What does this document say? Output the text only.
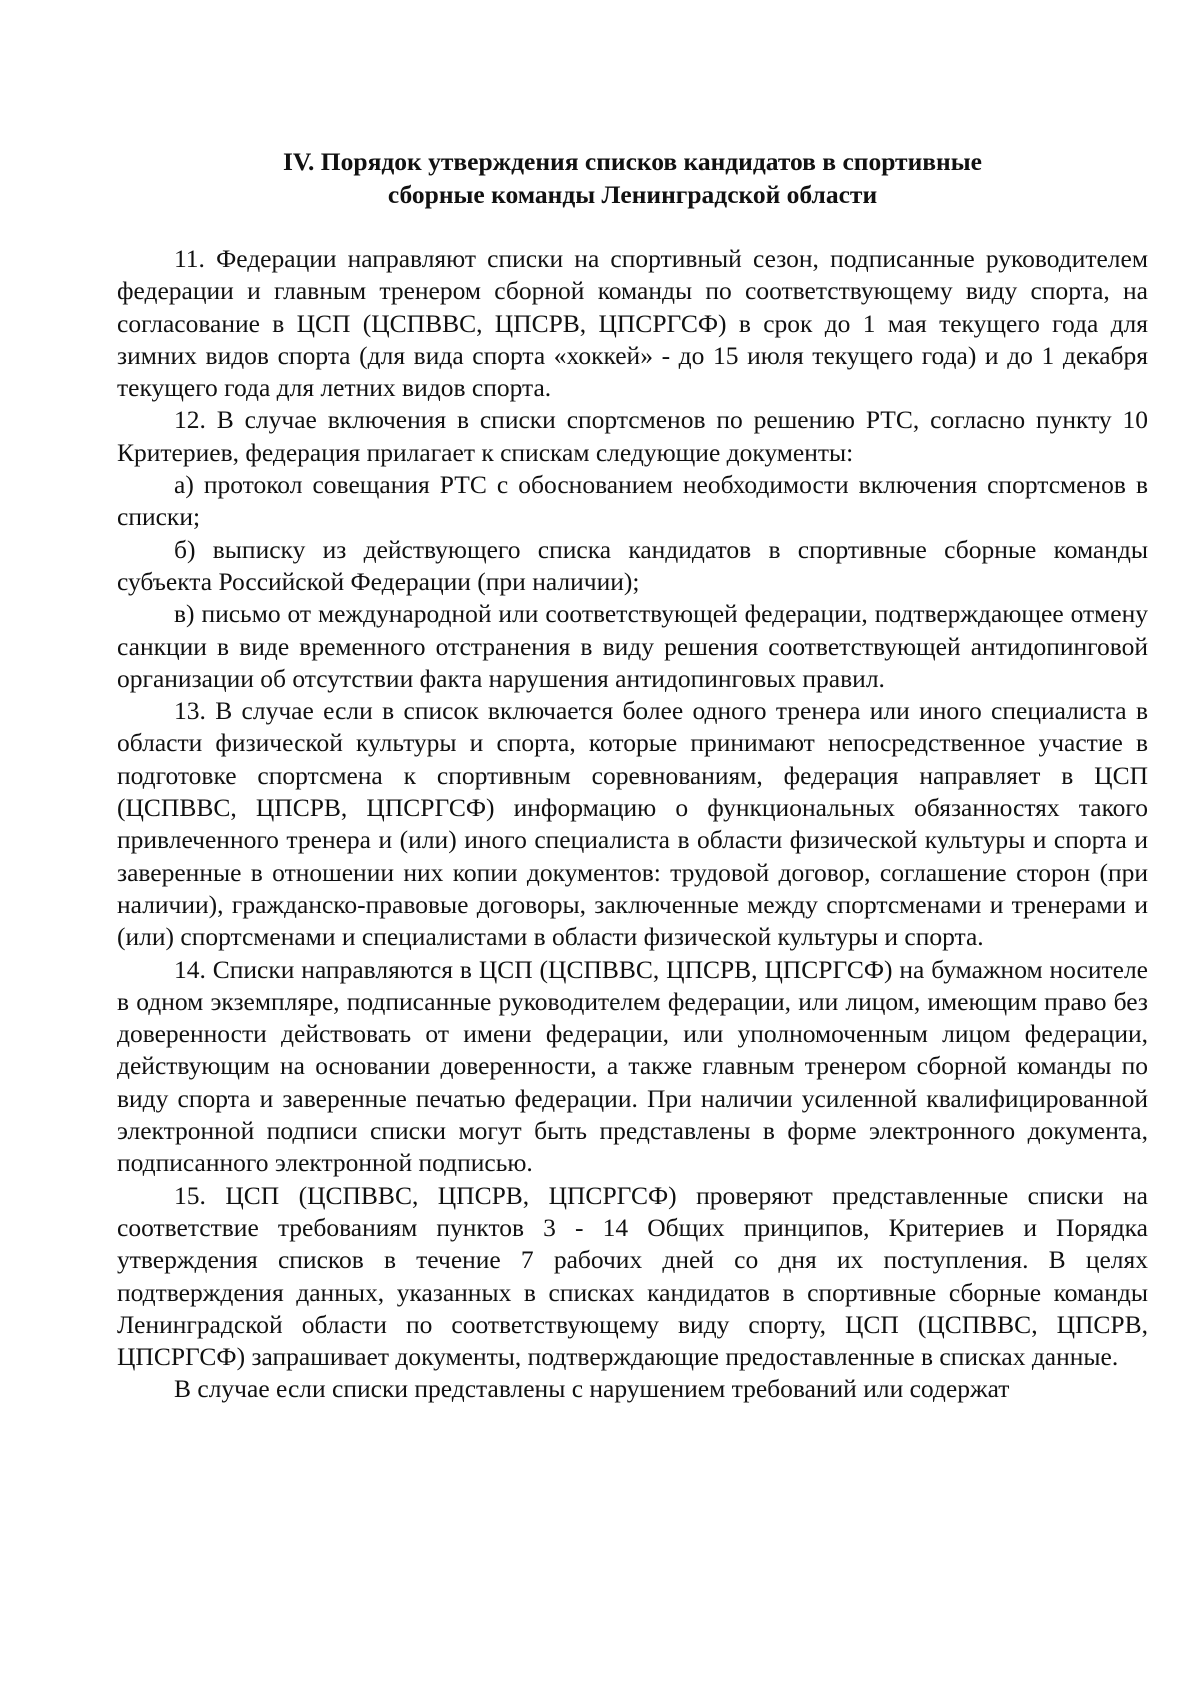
IV. Порядок утверждения списков кандидатов в спортивные
сборные команды Ленинградской области

11. Федерации направляют списки на спортивный сезон, подписанные руководителем федерации и главным тренером сборной команды по соответствующему виду спорта, на согласование в ЦСП (ЦСПВВС, ЦПСРВ, ЦПСРГСФ) в срок до 1 мая текущего года для зимних видов спорта (для вида спорта «хоккей» - до 15 июля текущего года) и до 1 декабря текущего года для летних видов спорта.

12. В случае включения в списки спортсменов по решению РТС, согласно пункту 10 Критериев, федерация прилагает к спискам следующие документы:

а) протокол совещания РТС с обоснованием необходимости включения спортсменов в списки;

б) выписку из действующего списка кандидатов в спортивные сборные команды субъекта Российской Федерации (при наличии);

в) письмо от международной или соответствующей федерации, подтверждающее отмену санкции в виде временного отстранения в виду решения соответствующей антидопинговой организации об отсутствии факта нарушения антидопинговых правил.

13. В случае если в список включается более одного тренера или иного специалиста в области физической культуры и спорта, которые принимают непосредственное участие в подготовке спортсмена к спортивным соревнованиям, федерация направляет в ЦСП (ЦСПВВС, ЦПСРВ, ЦПСРГСФ) информацию о функциональных обязанностях такого привлеченного тренера и (или) иного специалиста в области физической культуры и спорта и заверенные в отношении них копии документов: трудовой договор, соглашение сторон (при наличии), гражданско-правовые договоры, заключенные между спортсменами и тренерами и (или) спортсменами и специалистами в области физической культуры и спорта.

14. Списки направляются в ЦСП (ЦСПВВС, ЦПСРВ, ЦПСРГСФ) на бумажном носителе в одном экземпляре, подписанные руководителем федерации, или лицом, имеющим право без доверенности действовать от имени федерации, или уполномоченным лицом федерации, действующим на основании доверенности, а также главным тренером сборной команды по виду спорта и заверенные печатью федерации. При наличии усиленной квалифицированной электронной подписи списки могут быть представлены в форме электронного документа, подписанного электронной подписью.

15. ЦСП (ЦСПВВС, ЦПСРВ, ЦПСРГСФ) проверяют представленные списки на соответствие требованиям пунктов 3 - 14 Общих принципов, Критериев и Порядка утверждения списков в течение 7 рабочих дней со дня их поступления. В целях подтверждения данных, указанных в списках кандидатов в спортивные сборные команды Ленинградской области по соответствующему виду спорту, ЦСП (ЦСПВВС, ЦПСРВ, ЦПСРГСФ) запрашивает документы, подтверждающие предоставленные в списках данные.

В случае если списки представлены с нарушением требований или содержат
